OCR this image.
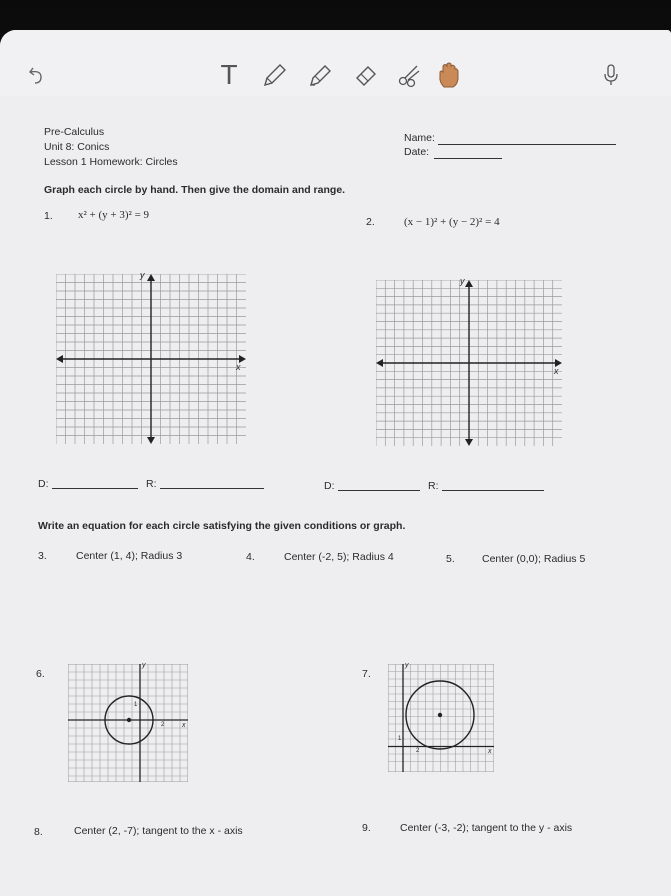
T
Pre-Calculus
Unit 8: Conics
Lesson 1 Homework: Circles
Name:
Date:
Graph each circle by hand. Then give the domain and range.
1. x² + (y + 3)² = 9
2.	(x − 1)² + (y − 2)² = 4
y
x
y
x
D:	R:	D:	R:
Write an equation for each circle satisfying the given conditions or graph.
3.	Center (1, 4); Radius 3	4.	Center (-2, 5); Radius 4	5.	Center (0,0); Radius 5
6.
y
x
1
2
7.
y
x
1
2
8.	Center (2, -7); tangent to the x - axis	9.	Center (-3, -2); tangent to the y - axis
